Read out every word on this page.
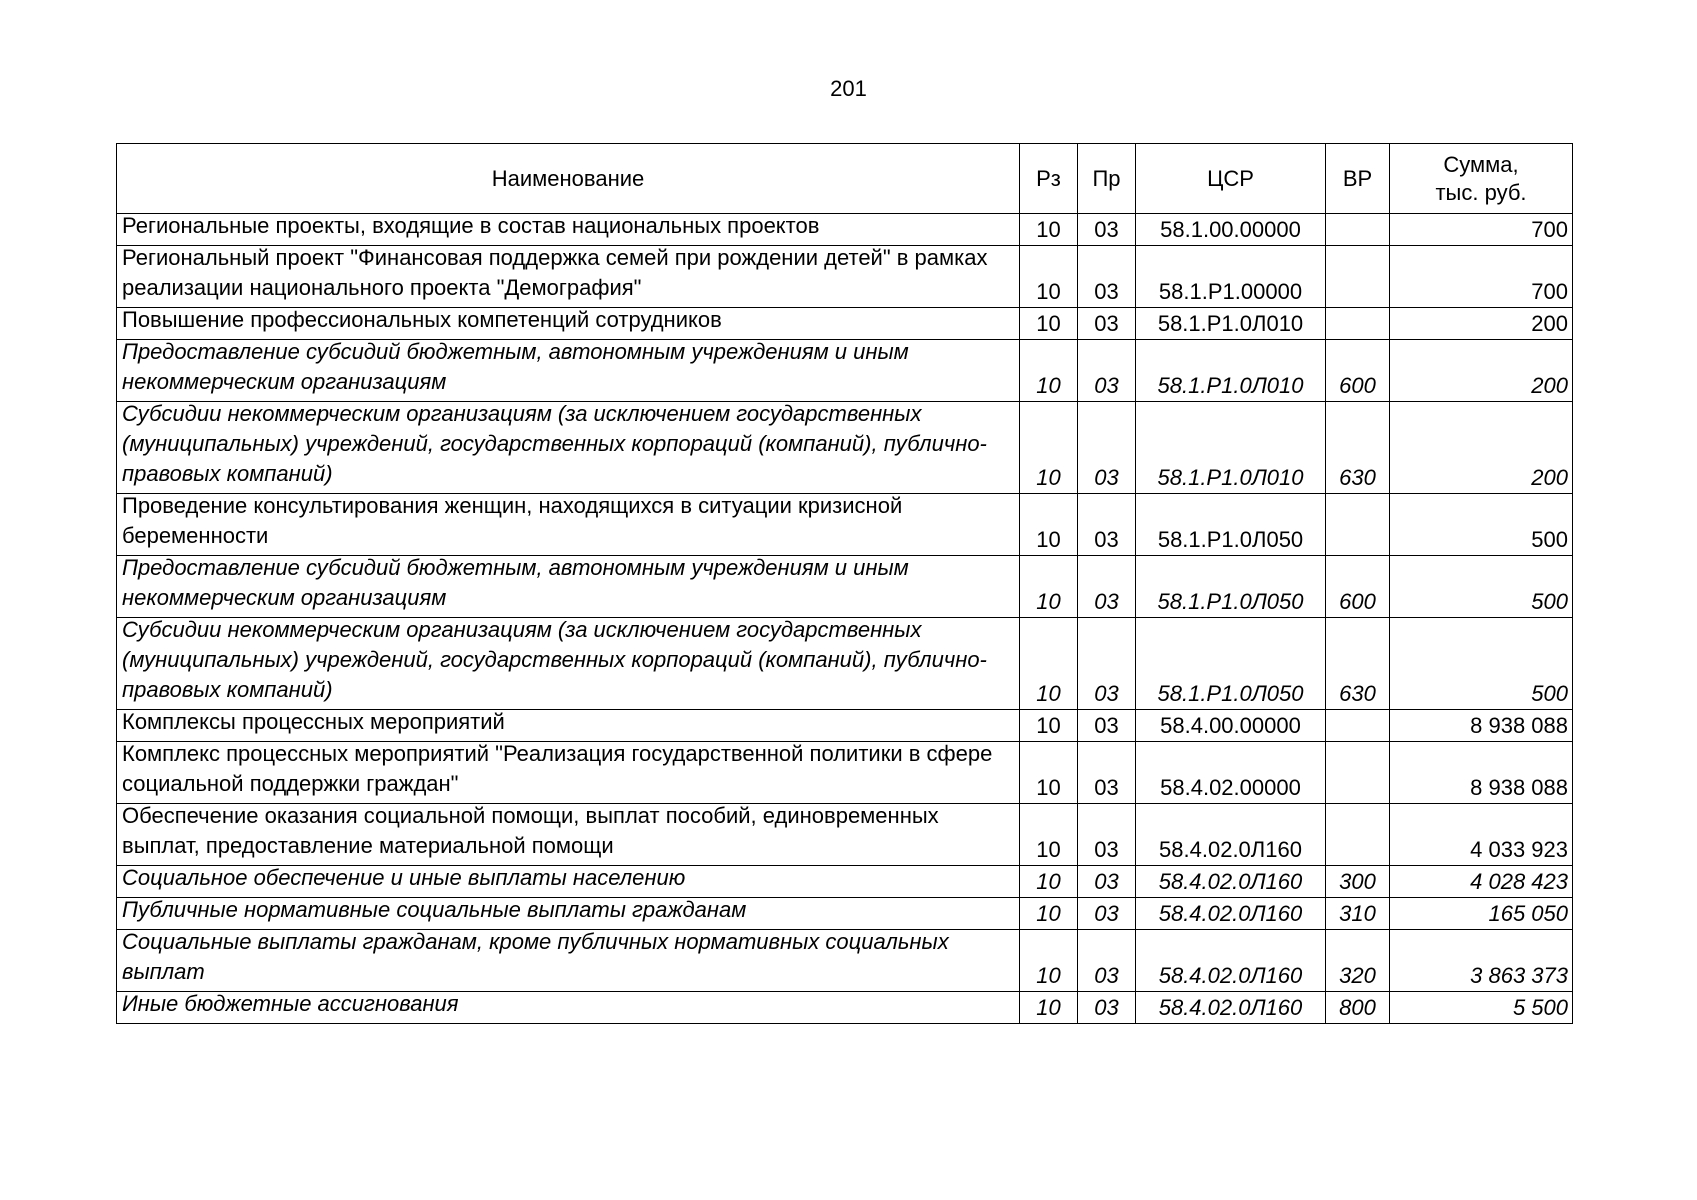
201
Наименование	Рз	Пр	ЦСР	ВР	Сумма,
тыс. руб.
Региональные проекты, входящие в состав национальных проектов	10	03	58.1.00.00000		700
Региональный проект "Финансовая поддержка семей при рождении детей" в рамках реализации национального проекта "Демография"	10	03	58.1.Р1.00000		700
Повышение профессиональных компетенций сотрудников	10	03	58.1.Р1.0Л010		200
Предоставление субсидий бюджетным, автономным учреждениям и иным некоммерческим организациям	10	03	58.1.Р1.0Л010	600	200
Субсидии некоммерческим организациям (за исключением государственных (муниципальных) учреждений, государственных корпораций (компаний), публично-правовых компаний)	10	03	58.1.Р1.0Л010	630	200
Проведение консультирования женщин, находящихся в ситуации кризисной беременности	10	03	58.1.Р1.0Л050		500
Предоставление субсидий бюджетным, автономным учреждениям и иным некоммерческим организациям	10	03	58.1.Р1.0Л050	600	500
Субсидии некоммерческим организациям (за исключением государственных (муниципальных) учреждений, государственных корпораций (компаний), публично-правовых компаний)	10	03	58.1.Р1.0Л050	630	500
Комплексы процессных мероприятий	10	03	58.4.00.00000		8 938 088
Комплекс процессных мероприятий "Реализация государственной политики в сфере социальной поддержки граждан"	10	03	58.4.02.00000		8 938 088
Обеспечение оказания социальной помощи, выплат пособий, единовременных выплат, предоставление материальной помощи	10	03	58.4.02.0Л160		4 033 923
Социальное обеспечение и иные выплаты населению	10	03	58.4.02.0Л160	300	4 028 423
Публичные нормативные социальные выплаты гражданам	10	03	58.4.02.0Л160	310	165 050
Социальные выплаты гражданам, кроме публичных нормативных социальных выплат	10	03	58.4.02.0Л160	320	3 863 373
Иные бюджетные ассигнования	10	03	58.4.02.0Л160	800	5 500
